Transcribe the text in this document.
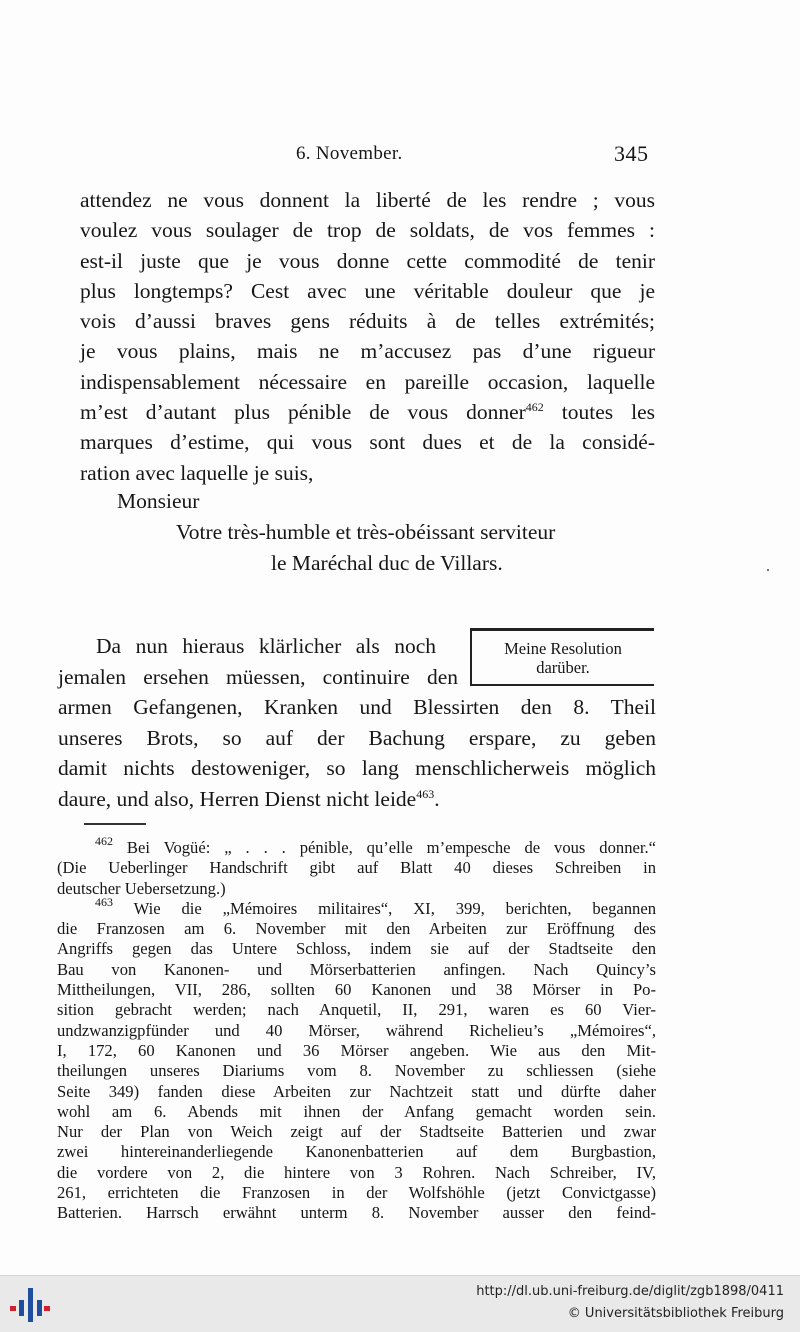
6. November.	345
attendez ne vous donnent la liberté de les rendre ; vous
voulez vous soulager de trop de soldats, de vos femmes :
est-il juste que je vous donne cette commodité de tenir
plus longtemps? Cest avec une véritable douleur que je
vois d’aussi braves gens réduits à de telles extrémités;
je vous plains, mais ne m’accusez pas d’une rigueur
indispensablement nécessaire en pareille occasion, laquelle
m’est d’autant plus pénible de vous donner$^{462}$ toutes les
marques d’estime, qui vous sont dues et de la considé-
ration avec laquelle je suis,
Monsieur
Votre très-humble et très-obéissant serviteur
le Maréchal duc de Villars.
Da nun hieraus klärlicher als noch
jemalen ersehen müessen, continuire den
armen Gefangenen, Kranken und Blessirten den 8. Theil
unseres Brots, so auf der Bachung erspare, zu geben
damit nichts destoweniger, so lang menschlicherweis möglich
daure, und also, Herren Dienst nicht leide$^{463}$.
Meine Resolution
darüber.
$^{462}$ Bei Vogüé: „ . . . pénible, qu’elle m’empesche de vous donner.“
(Die Ueberlinger Handschrift gibt auf Blatt 40 dieses Schreiben in
deutscher Uebersetzung.)
$^{463}$ Wie die „Mémoires militaires“, XI, 399, berichten, begannen
die Franzosen am 6. November mit den Arbeiten zur Eröffnung des
Angriffs gegen das Untere Schloss, indem sie auf der Stadtseite den
Bau von Kanonen- und Mörserbatterien anfingen. Nach Quincy’s
Mittheilungen, VII, 286, sollten 60 Kanonen und 38 Mörser in Po-
sition gebracht werden; nach Anquetil, II, 291, waren es 60 Vier-
undzwanzigpfünder und 40 Mörser, während Richelieu’s „Mémoires“,
I, 172, 60 Kanonen und 36 Mörser angeben. Wie aus den Mit-
theilungen unseres Diariums vom 8. November zu schliessen (siehe
Seite 349) fanden diese Arbeiten zur Nachtzeit statt und dürfte daher
wohl am 6. Abends mit ihnen der Anfang gemacht worden sein.
Nur der Plan von Weich zeigt auf der Stadtseite Batterien und zwar
zwei hintereinanderliegende Kanonenbatterien auf dem Burgbastion,
die vordere von 2, die hintere von 3 Rohren. Nach Schreiber, IV,
261, errichteten die Franzosen in der Wolfshöhle (jetzt Convictgasse)
Batterien. Harrsch erwähnt unterm 8. November ausser den feind-
http://dl.ub.uni-freiburg.de/diglit/zgb1898/0411
© Universitätsbibliothek Freiburg
